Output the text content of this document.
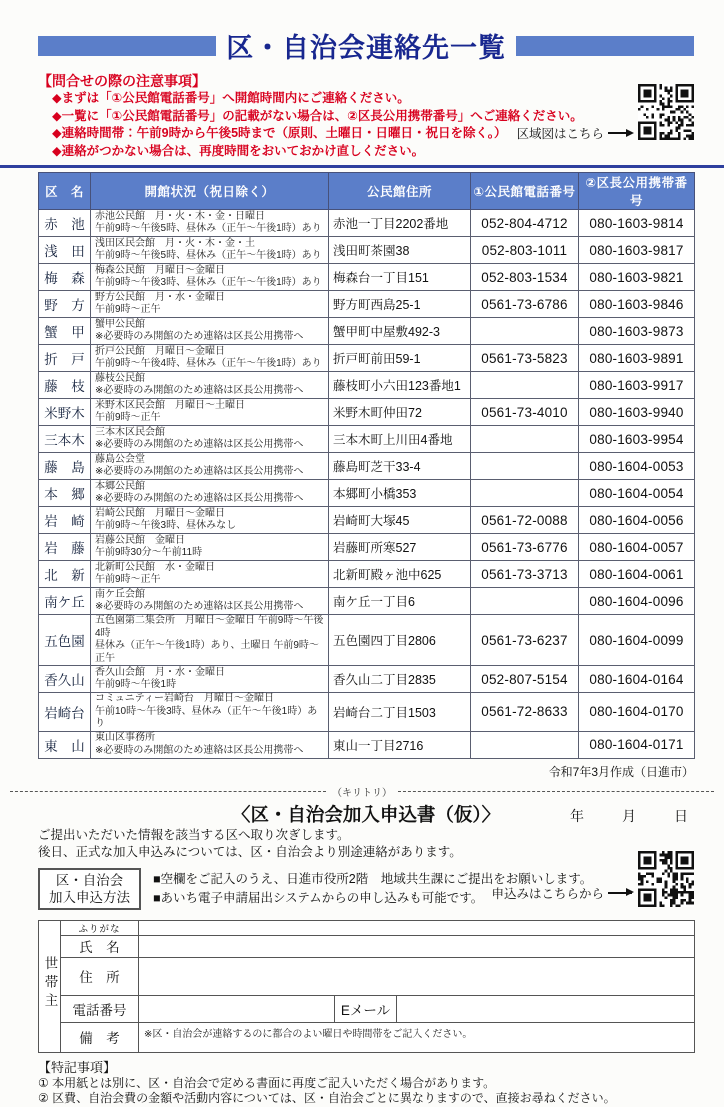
区・自治会連絡先一覧
【問合せの際の注意事項】
◆まずは「①公民館電話番号」へ開館時間内にご連絡ください。
◆一覧に「①公民館電話番号」の記載がない場合は、②区長公用携帯番号」へご連絡ください。
◆連絡時間帯：午前9時から午後5時まで（原則、土曜日・日曜日・祝日を除く。）
◆連絡がつかない場合は、再度時間をおいておかけ直しください。
区域図はこちら
区　名	開館状況（祝日除く）	公民館住所	①公民館電話番号	②区長公用携帯番号
赤　池	赤池公民館　月・火・木・金・日曜日
午前9時～午後5時、昼休み（正午～午後1時）あり	赤池一丁目2202番地	052-804-4712	080-1603-9814
浅　田	浅田区民会館　月・火・木・金・土
午前9時～午後5時、昼休み（正午～午後1時）あり	浅田町茶園38	052-803-1011	080-1603-9817
梅　森	梅森公民館　月曜日～金曜日
午前9時～午後3時、昼休み（正午～午後1時）あり	梅森台一丁目151	052-803-1534	080-1603-9821
野　方	野方公民館　月・水・金曜日
午前9時～正午	野方町西島25-1	0561-73-6786	080-1603-9846
蟹　甲	蟹甲公民館
※必要時のみ開館のため連絡は区長公用携帯へ	蟹甲町中屋敷492-3		080-1603-9873
折　戸	折戸公民館　月曜日～金曜日
午前9時～午後4時、昼休み（正午～午後1時）あり	折戸町前田59-1	0561-73-5823	080-1603-9891
藤　枝	藤枝公民館
※必要時のみ開館のため連絡は区長公用携帯へ	藤枝町小六田123番地1		080-1603-9917
米野木	米野木区民会館　月曜日～土曜日
午前9時～正午	米野木町仲田72	0561-73-4010	080-1603-9940
三本木	三本木区民会館
※必要時のみ開館のため連絡は区長公用携帯へ	三本木町上川田4番地		080-1603-9954
藤　島	藤島公会堂
※必要時のみ開館のため連絡は区長公用携帯へ	藤島町芝干33-4		080-1604-0053
本　郷	本郷公民館
※必要時のみ開館のため連絡は区長公用携帯へ	本郷町小橋353		080-1604-0054
岩　崎	岩崎公民館　月曜日～金曜日
午前9時～午後3時、昼休みなし	岩崎町大塚45	0561-72-0088	080-1604-0056
岩　藤	岩藤公民館　金曜日
午前9時30分～午前11時	岩藤町所寒527	0561-73-6776	080-1604-0057
北　新	北新町公民館　水・金曜日
午前9時～正午	北新町殿ヶ池中625	0561-73-3713	080-1604-0061
南ケ丘	南ケ丘会館
※必要時のみ開館のため連絡は区長公用携帯へ	南ケ丘一丁目6		080-1604-0096
五色園	五色園第二集会所　月曜日～金曜日 午前9時～午後4時
昼休み（正午～午後1時）あり、土曜日 午前9時～正午	五色園四丁目2806	0561-73-6237	080-1604-0099
香久山	香久山会館　月・水・金曜日
午前9時～午後1時	香久山二丁目2835	052-807-5154	080-1604-0164
岩崎台	コミュニティー岩崎台　月曜日～金曜日
午前10時～午後3時、昼休み（正午～午後1時）あり	岩崎台二丁目1503	0561-72-8633	080-1604-0170
東　山	東山区事務所
※必要時のみ開館のため連絡は区長公用携帯へ	東山一丁目2716		080-1604-0171
令和7年3月作成（日進市）
（キリトリ）
〈区・自治会加入申込書（仮）〉	年	月	日
ご提出いただいた情報を該当する区へ取り次ぎします。
後日、正式な加入申込みについては、区・自治会より別途連絡があります。
区・自治会
加入申込方法
■空欄をご記入のうえ、日進市役所2階　地域共生課にご提出をお願いします。
■あいち電子申請届出システムからの申し込みも可能です。 申込みはこちらから
世帯主	ふりがな			
	氏　名			
	住　所			
	電話番号		Eメール	
	備　考	※区・自治会が連絡するのに都合のよい曜日や時間帯をご記入ください。		
【特記事項】
① 本用紙とは別に、区・自治会で定める書面に再度ご記入いただく場合があります。
② 区費、自治会費の金額や活動内容については、区・自治会ごとに異なりますので、直接お尋ねください。
